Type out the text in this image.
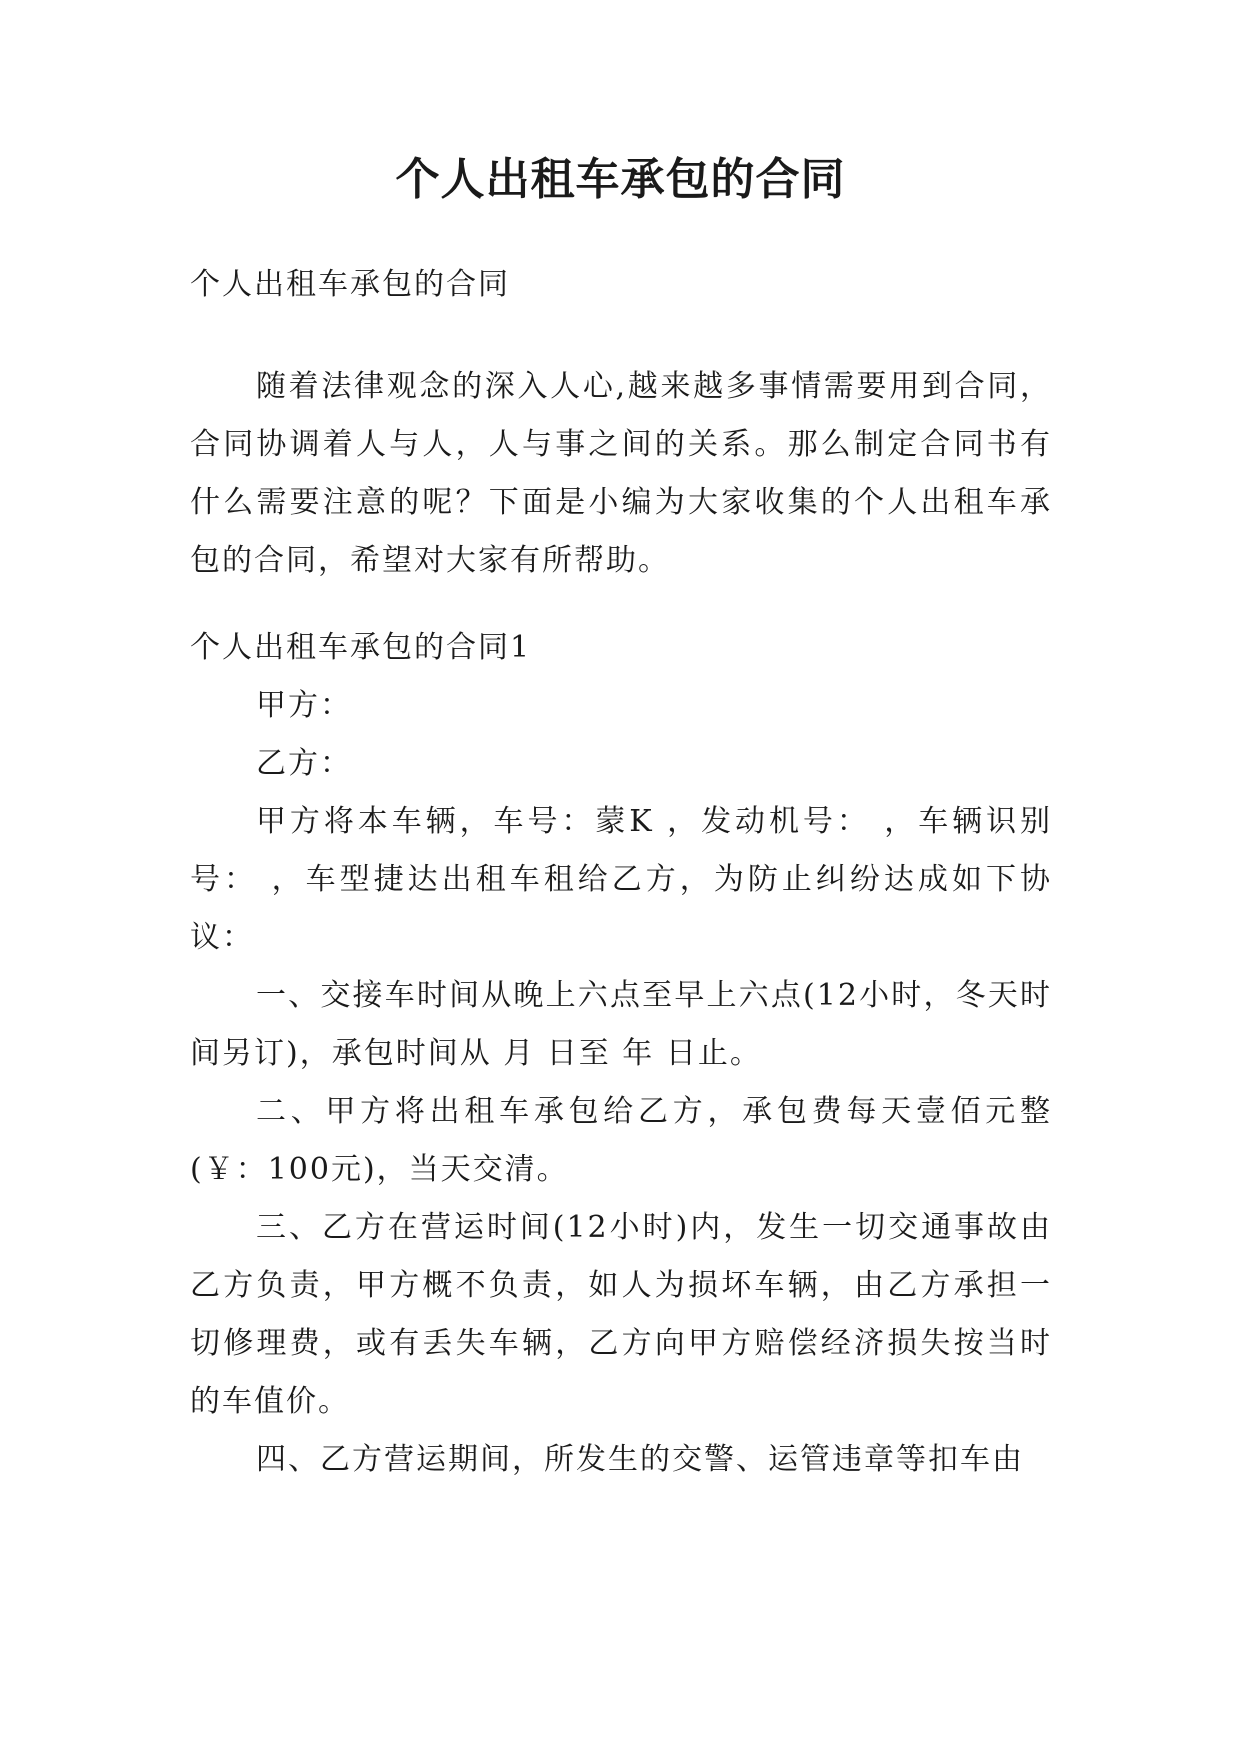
个人出租车承包的合同

个人出租车承包的合同

随着法律观念的深入人心,越来越多事情需要用到合同，合同协调着人与人，人与事之间的关系。那么制定合同书有什么需要注意的呢？下面是小编为大家收集的个人出租车承包的合同，希望对大家有所帮助。

个人出租车承包的合同1

甲方：

乙方：

甲方将本车辆，车号：蒙K ，发动机号： ，车辆识别号： ，车型捷达出租车租给乙方，为防止纠纷达成如下协议：

一、交接车时间从晚上六点至早上六点(12小时，冬天时间另订)，承包时间从 月 日至 年 日止。

二、甲方将出租车承包给乙方，承包费每天壹佰元整(￥：100元)，当天交清。

三、乙方在营运时间(12小时)内，发生一切交通事故由乙方负责，甲方概不负责，如人为损坏车辆，由乙方承担一切修理费，或有丢失车辆，乙方向甲方赔偿经济损失按当时的车值价。

四、乙方营运期间，所发生的交警、运管违章等扣车由
